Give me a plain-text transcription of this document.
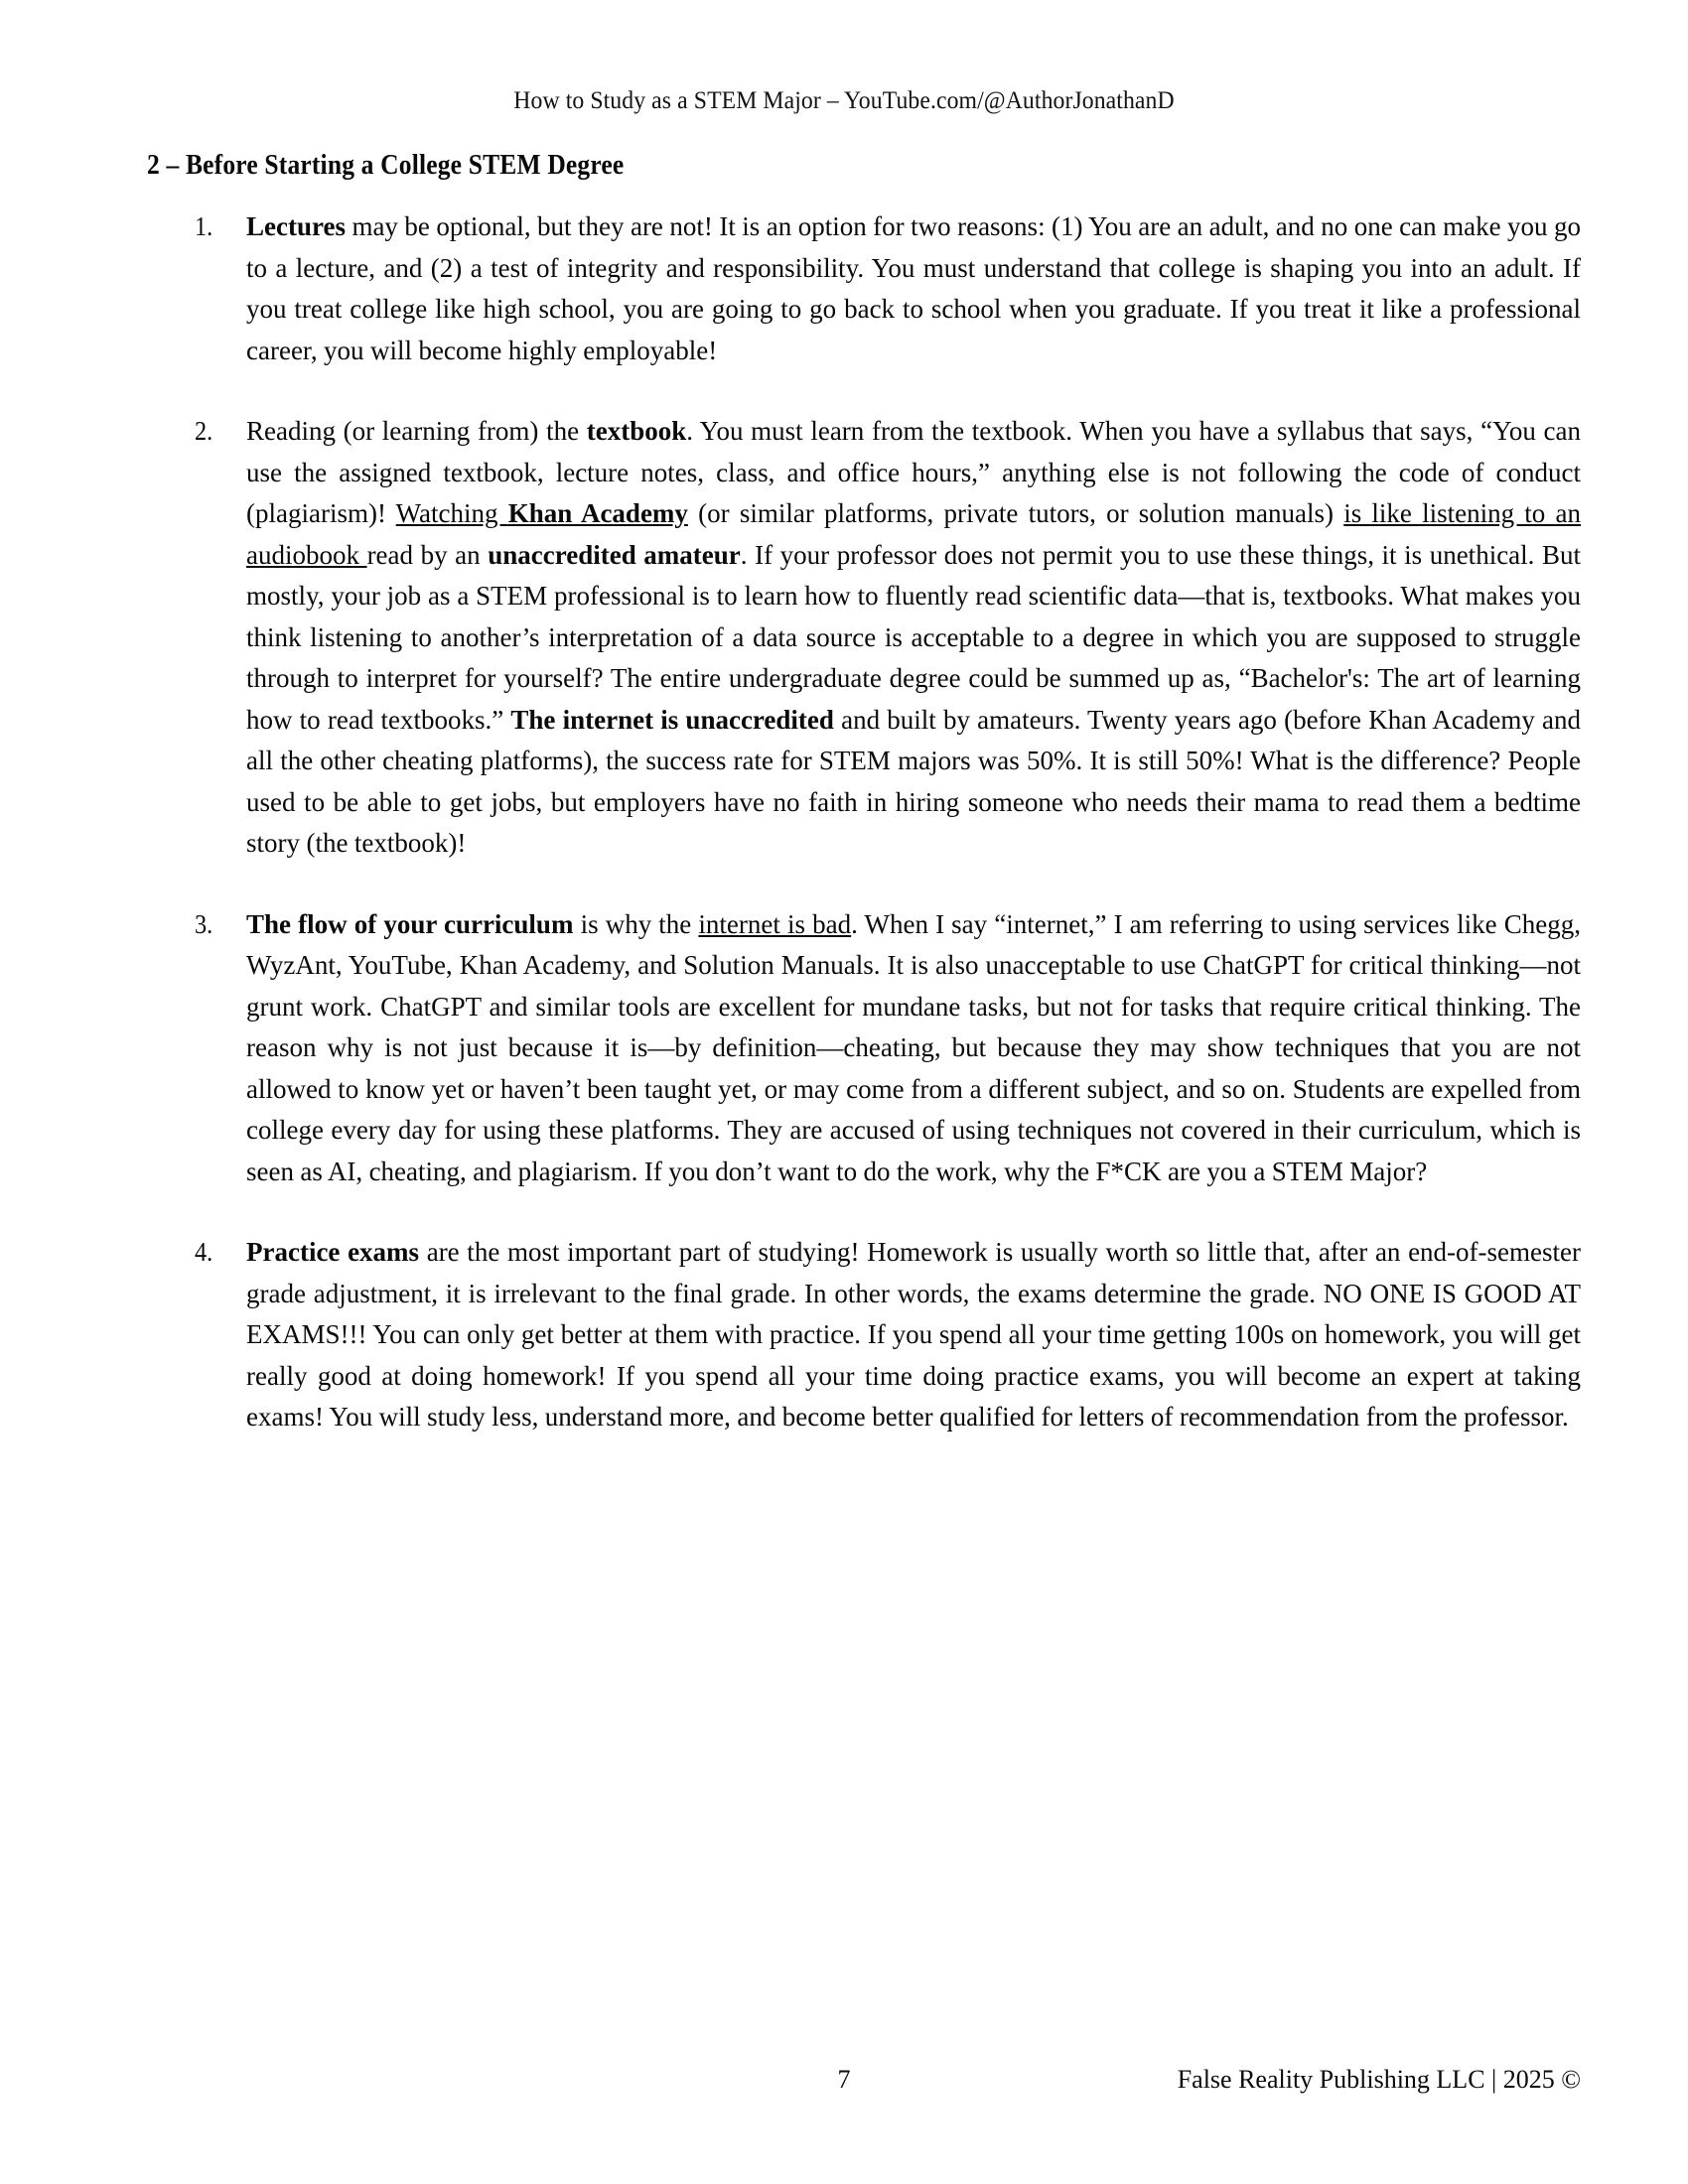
How to Study as a STEM Major – YouTube.com/@AuthorJonathanD
2 – Before Starting a College STEM Degree
1. Lectures may be optional, but they are not! It is an option for two reasons: (1) You are an adult, and no one can make you go to a lecture, and (2) a test of integrity and responsibility. You must understand that college is shaping you into an adult. If you treat college like high school, you are going to go back to school when you graduate. If you treat it like a professional career, you will become highly employable!

2. Reading (or learning from) the textbook. You must learn from the textbook. When you have a syllabus that says, “You can use the assigned textbook, lecture notes, class, and office hours,” anything else is not following the code of conduct (plagiarism)! Watching Khan Academy (or similar platforms, private tutors, or solution manuals) is like listening to an audiobook read by an unaccredited amateur. If your professor does not permit you to use these things, it is unethical. But mostly, your job as a STEM professional is to learn how to fluently read scientific data—that is, textbooks. What makes you think listening to another’s interpretation of a data source is acceptable to a degree in which you are supposed to struggle through to interpret for yourself? The entire undergraduate degree could be summed up as, “Bachelor's: The art of learning how to read textbooks.” The internet is unaccredited and built by amateurs. Twenty years ago (before Khan Academy and all the other cheating platforms), the success rate for STEM majors was 50%. It is still 50%! What is the difference? People used to be able to get jobs, but employers have no faith in hiring someone who needs their mama to read them a bedtime story (the textbook)!

3. The flow of your curriculum is why the internet is bad. When I say “internet,” I am referring to using services like Chegg, WyzAnt, YouTube, Khan Academy, and Solution Manuals. It is also unacceptable to use ChatGPT for critical thinking—not grunt work. ChatGPT and similar tools are excellent for mundane tasks, but not for tasks that require critical thinking. The reason why is not just because it is—by definition—cheating, but because they may show techniques that you are not allowed to know yet or haven’t been taught yet, or may come from a different subject, and so on. Students are expelled from college every day for using these platforms. They are accused of using techniques not covered in their curriculum, which is seen as AI, cheating, and plagiarism. If you don’t want to do the work, why the F*CK are you a STEM Major?

4. Practice exams are the most important part of studying! Homework is usually worth so little that, after an end-of-semester grade adjustment, it is irrelevant to the final grade. In other words, the exams determine the grade. NO ONE IS GOOD AT EXAMS!!! You can only get better at them with practice. If you spend all your time getting 100s on homework, you will get really good at doing homework! If you spend all your time doing practice exams, you will become an expert at taking exams! You will study less, understand more, and become better qualified for letters of recommendation from the professor.

7	False Reality Publishing LLC | 2025 ©
